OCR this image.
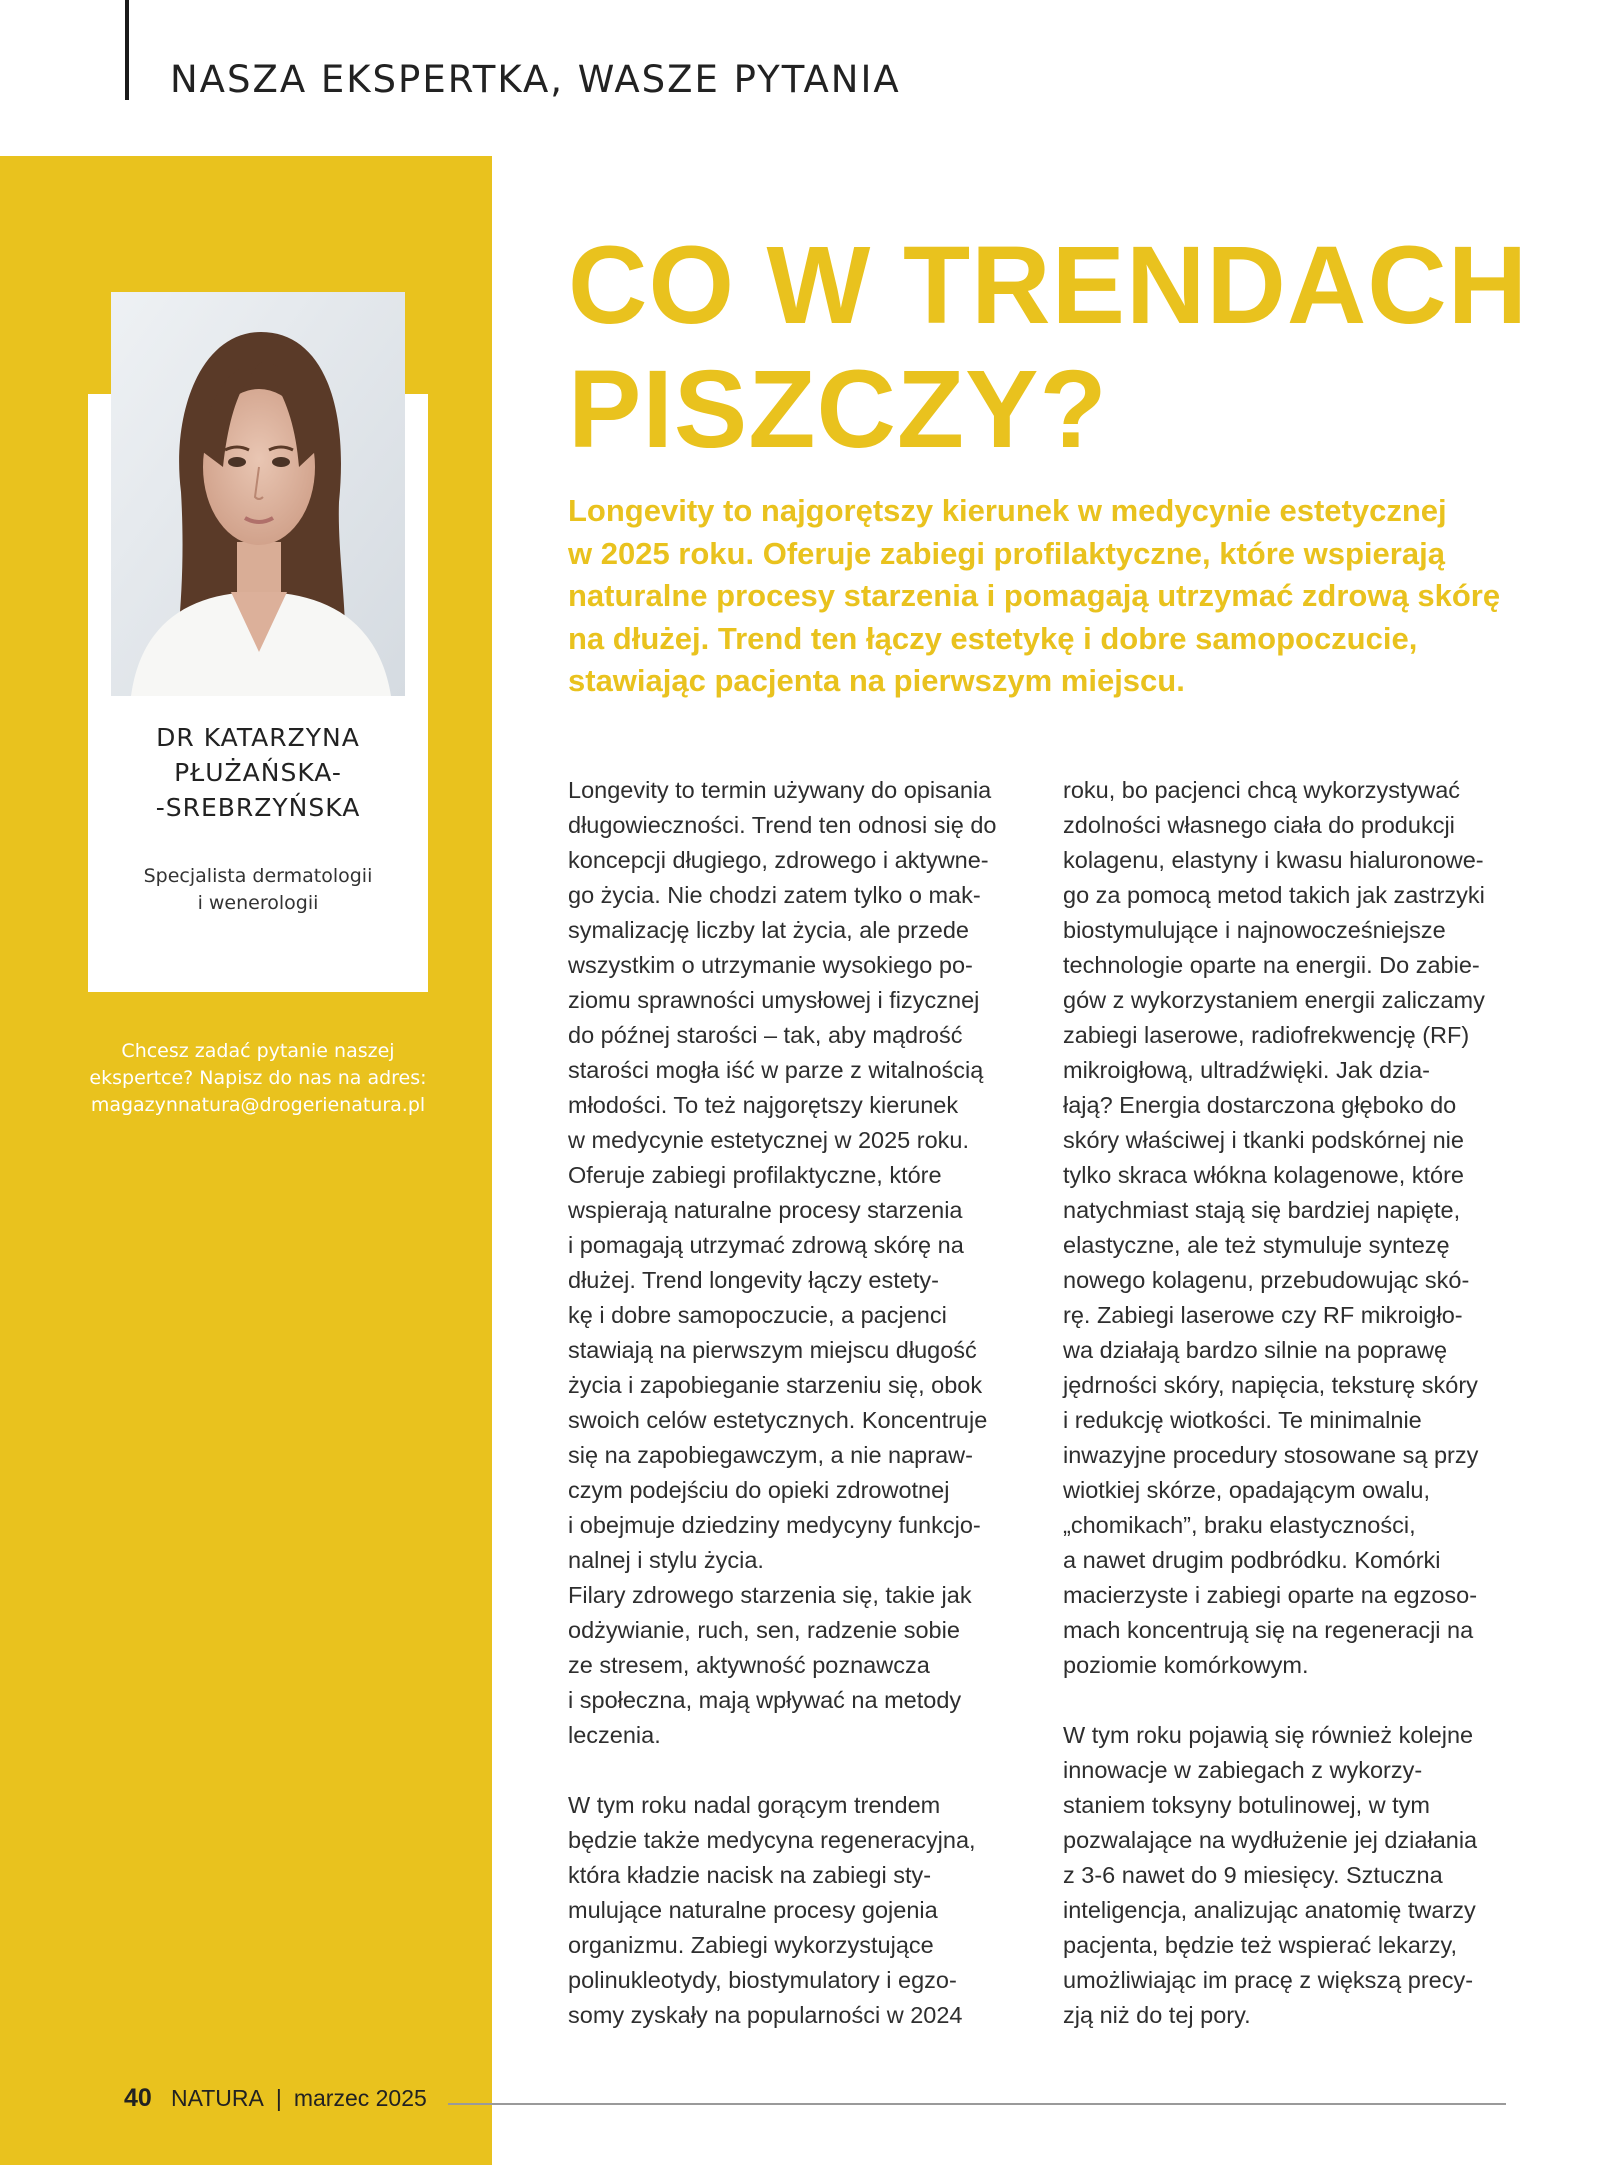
NASZA EKSPERTKA, WASZE PYTANIA
DR KATARZYNA
PŁUŻAŃSKA-
-SREBRZYŃSKA

Specjalista dermatologii
i wenerologii

Chcesz zadać pytanie naszej
ekspertce? Napisz do nas na adres:
magazynnatura@drogerienatura.pl

CO W TRENDACH
PISZCZY?

Longevity to najgorętszy kierunek w medycynie estetycznej
w 2025 roku. Oferuje zabiegi profilaktyczne, które wspierają
naturalne procesy starzenia i pomagają utrzymać zdrową skórę
na dłużej. Trend ten łączy estetykę i dobre samopoczucie,
stawiając pacjenta na pierwszym miejscu.

Longevity to termin używany do opisania
długowieczności. Trend ten odnosi się do
koncepcji długiego, zdrowego i aktywne-
go życia. Nie chodzi zatem tylko o mak-
symalizację liczby lat życia, ale przede
wszystkim o utrzymanie wysokiego po-
ziomu sprawności umysłowej i fizycznej
do późnej starości – tak, aby mądrość
starości mogła iść w parze z witalnością
młodości. To też najgorętszy kierunek
w medycynie estetycznej w 2025 roku.
Oferuje zabiegi profilaktyczne, które
wspierają naturalne procesy starzenia
i pomagają utrzymać zdrową skórę na
dłużej. Trend longevity łączy estety-
kę i dobre samopoczucie, a pacjenci
stawiają na pierwszym miejscu długość
życia i zapobieganie starzeniu się, obok
swoich celów estetycznych. Koncentruje
się na zapobiegawczym, a nie napraw-
czym podejściu do opieki zdrowotnej
i obejmuje dziedziny medycyny funkcjo-
nalnej i stylu życia.
Filary zdrowego starzenia się, takie jak
odżywianie, ruch, sen, radzenie sobie
ze stresem, aktywność poznawcza
i społeczna, mają wpływać na metody
leczenia.
W tym roku nadal gorącym trendem
będzie także medycyna regeneracyjna,
która kładzie nacisk na zabiegi sty-
mulujące naturalne procesy gojenia
organizmu. Zabiegi wykorzystujące
polinukleotydy, biostymulatory i egzo-
somy zyskały na popularności w 2024
roku, bo pacjenci chcą wykorzystywać
zdolności własnego ciała do produkcji
kolagenu, elastyny i kwasu hialuronowe-
go za pomocą metod takich jak zastrzyki
biostymulujące i najnowocześniejsze
technologie oparte na energii. Do zabie-
gów z wykorzystaniem energii zaliczamy
zabiegi laserowe, radiofrekwencję (RF)
mikroigłową, ultradźwięki. Jak dzia-
łają? Energia dostarczona głęboko do
skóry właściwej i tkanki podskórnej nie
tylko skraca włókna kolagenowe, które
natychmiast stają się bardziej napięte,
elastyczne, ale też stymuluje syntezę
nowego kolagenu, przebudowując skó-
rę. Zabiegi laserowe czy RF mikroigło-
wa działają bardzo silnie na poprawę
jędrności skóry, napięcia, teksturę skóry
i redukcję wiotkości. Te minimalnie
inwazyjne procedury stosowane są przy
wiotkiej skórze, opadającym owalu,
„chomikach”, braku elastyczności,
a nawet drugim podbródku. Komórki
macierzyste i zabiegi oparte na egzoso-
mach koncentrują się na regeneracji na
poziomie komórkowym.
W tym roku pojawią się również kolejne
innowacje w zabiegach z wykorzy-
staniem toksyny botulinowej, w tym
pozwalające na wydłużenie jej działania
z 3-6 nawet do 9 miesięcy. Sztuczna
inteligencja, analizując anatomię twarzy
pacjenta, będzie też wspierać lekarzy,
umożliwiając im pracę z większą precy-
zją niż do tej pory.
40 NATURA | marzec 2025
